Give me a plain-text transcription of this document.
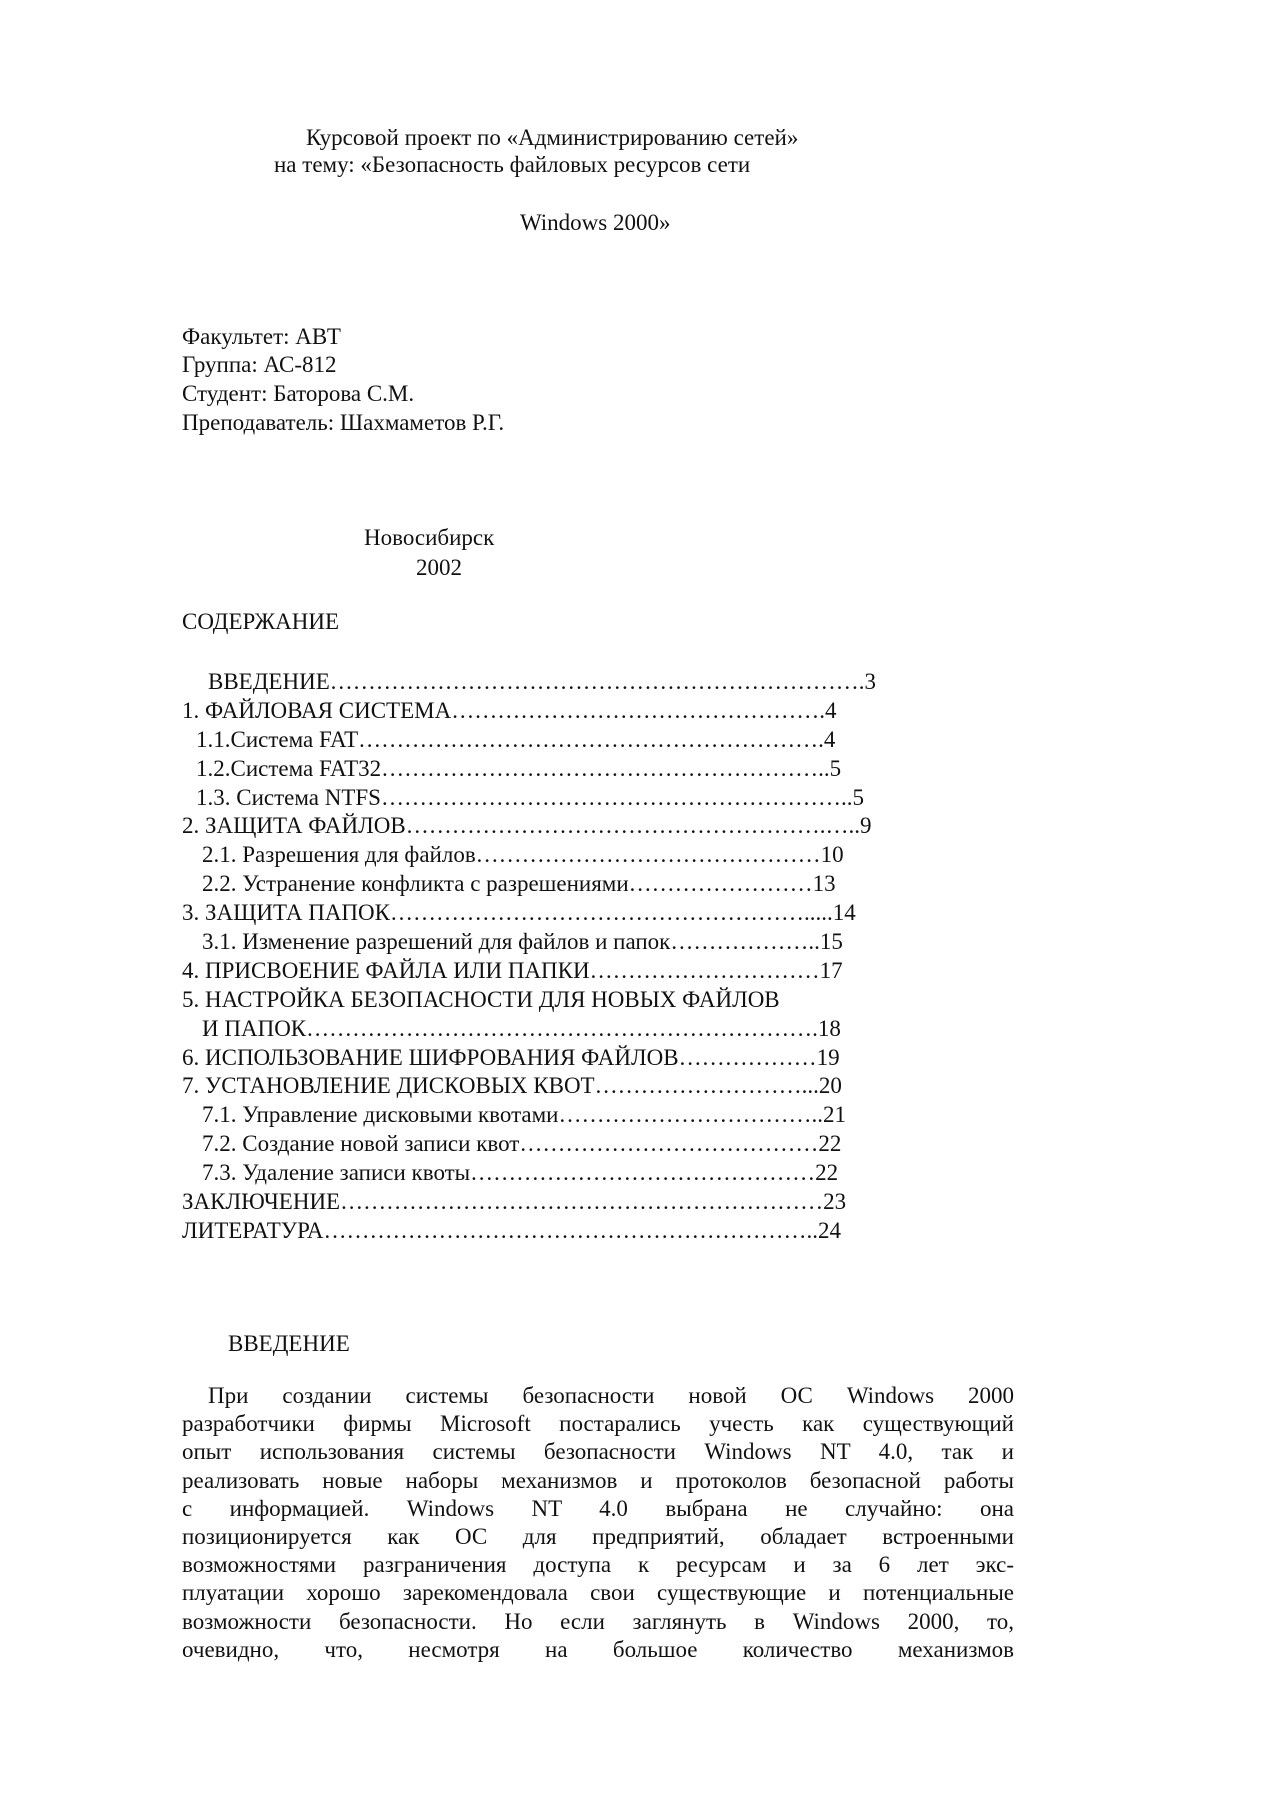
Курсовой проект по «Администрированию сетей»
на тему: «Безопасность файловых ресурсов сети
Windows 2000»
Факультет: АВТ
Группа: АС-812
Студент: Баторова С.М.
Преподаватель: Шахмаметов Р.Г.
Новосибирск
2002
СОДЕРЖАНИЕ
ВВЕДЕНИЕ…………………………………………………………….3
1. ФАЙЛОВАЯ СИСТЕМА………………………………………….4
1.1.Система FAT…………………………………………………….4
1.2.Система FAT32…………………………………………………..5
1.3. Система NTFS……………………………………………………..5
2. ЗАЩИТА ФАЙЛОВ……………………………………………….…..9
2.1. Разрешения для файлов………………………………………10
2.2. Устранение конфликта с разрешениями……………………13
3. ЗАЩИТА ПАПОК……………………………………………….....14
3.1. Изменение разрешений для файлов и папок………………..15
4. ПРИСВОЕНИЕ ФАЙЛА ИЛИ ПАПКИ…………………………17
5. НАСТРОЙКА БЕЗОПАСНОСТИ ДЛЯ НОВЫХ ФАЙЛОВ
И ПАПОК………………………………………………………….18
6. ИСПОЛЬЗОВАНИЕ ШИФРОВАНИЯ ФАЙЛОВ………………19
7. УСТАНОВЛЕНИЕ ДИСКОВЫХ КВОТ………………………...20
7.1. Управление дисковыми квотами……………………………..21
7.2. Создание новой записи квот…………………………………22
7.3. Удаление записи квоты………………………………………22
ЗАКЛЮЧЕНИЕ………………………………………………………23
ЛИТЕРАТУРА………………………………………………………..24
ВВЕДЕНИЕ
При создании системы безопасности новой ОС Windows 2000
разработчики фирмы Microsoft постарались учесть как существующий
опыт использования системы безопасности Windows NT 4.0, так и
реализовать новые наборы механизмов и протоколов безопасной работы
с информацией. Windows NT 4.0 выбрана не случайно: она
позиционируется как ОС для предприятий, обладает встроенными
возможностями разграничения доступа к ресурсам и за 6 лет экс-
плуатации хорошо зарекомендовала свои существующие и потенциальные
возможности безопасности. Но если заглянуть в Windows 2000, то,
очевидно, что, несмотря на большое количество механизмов
